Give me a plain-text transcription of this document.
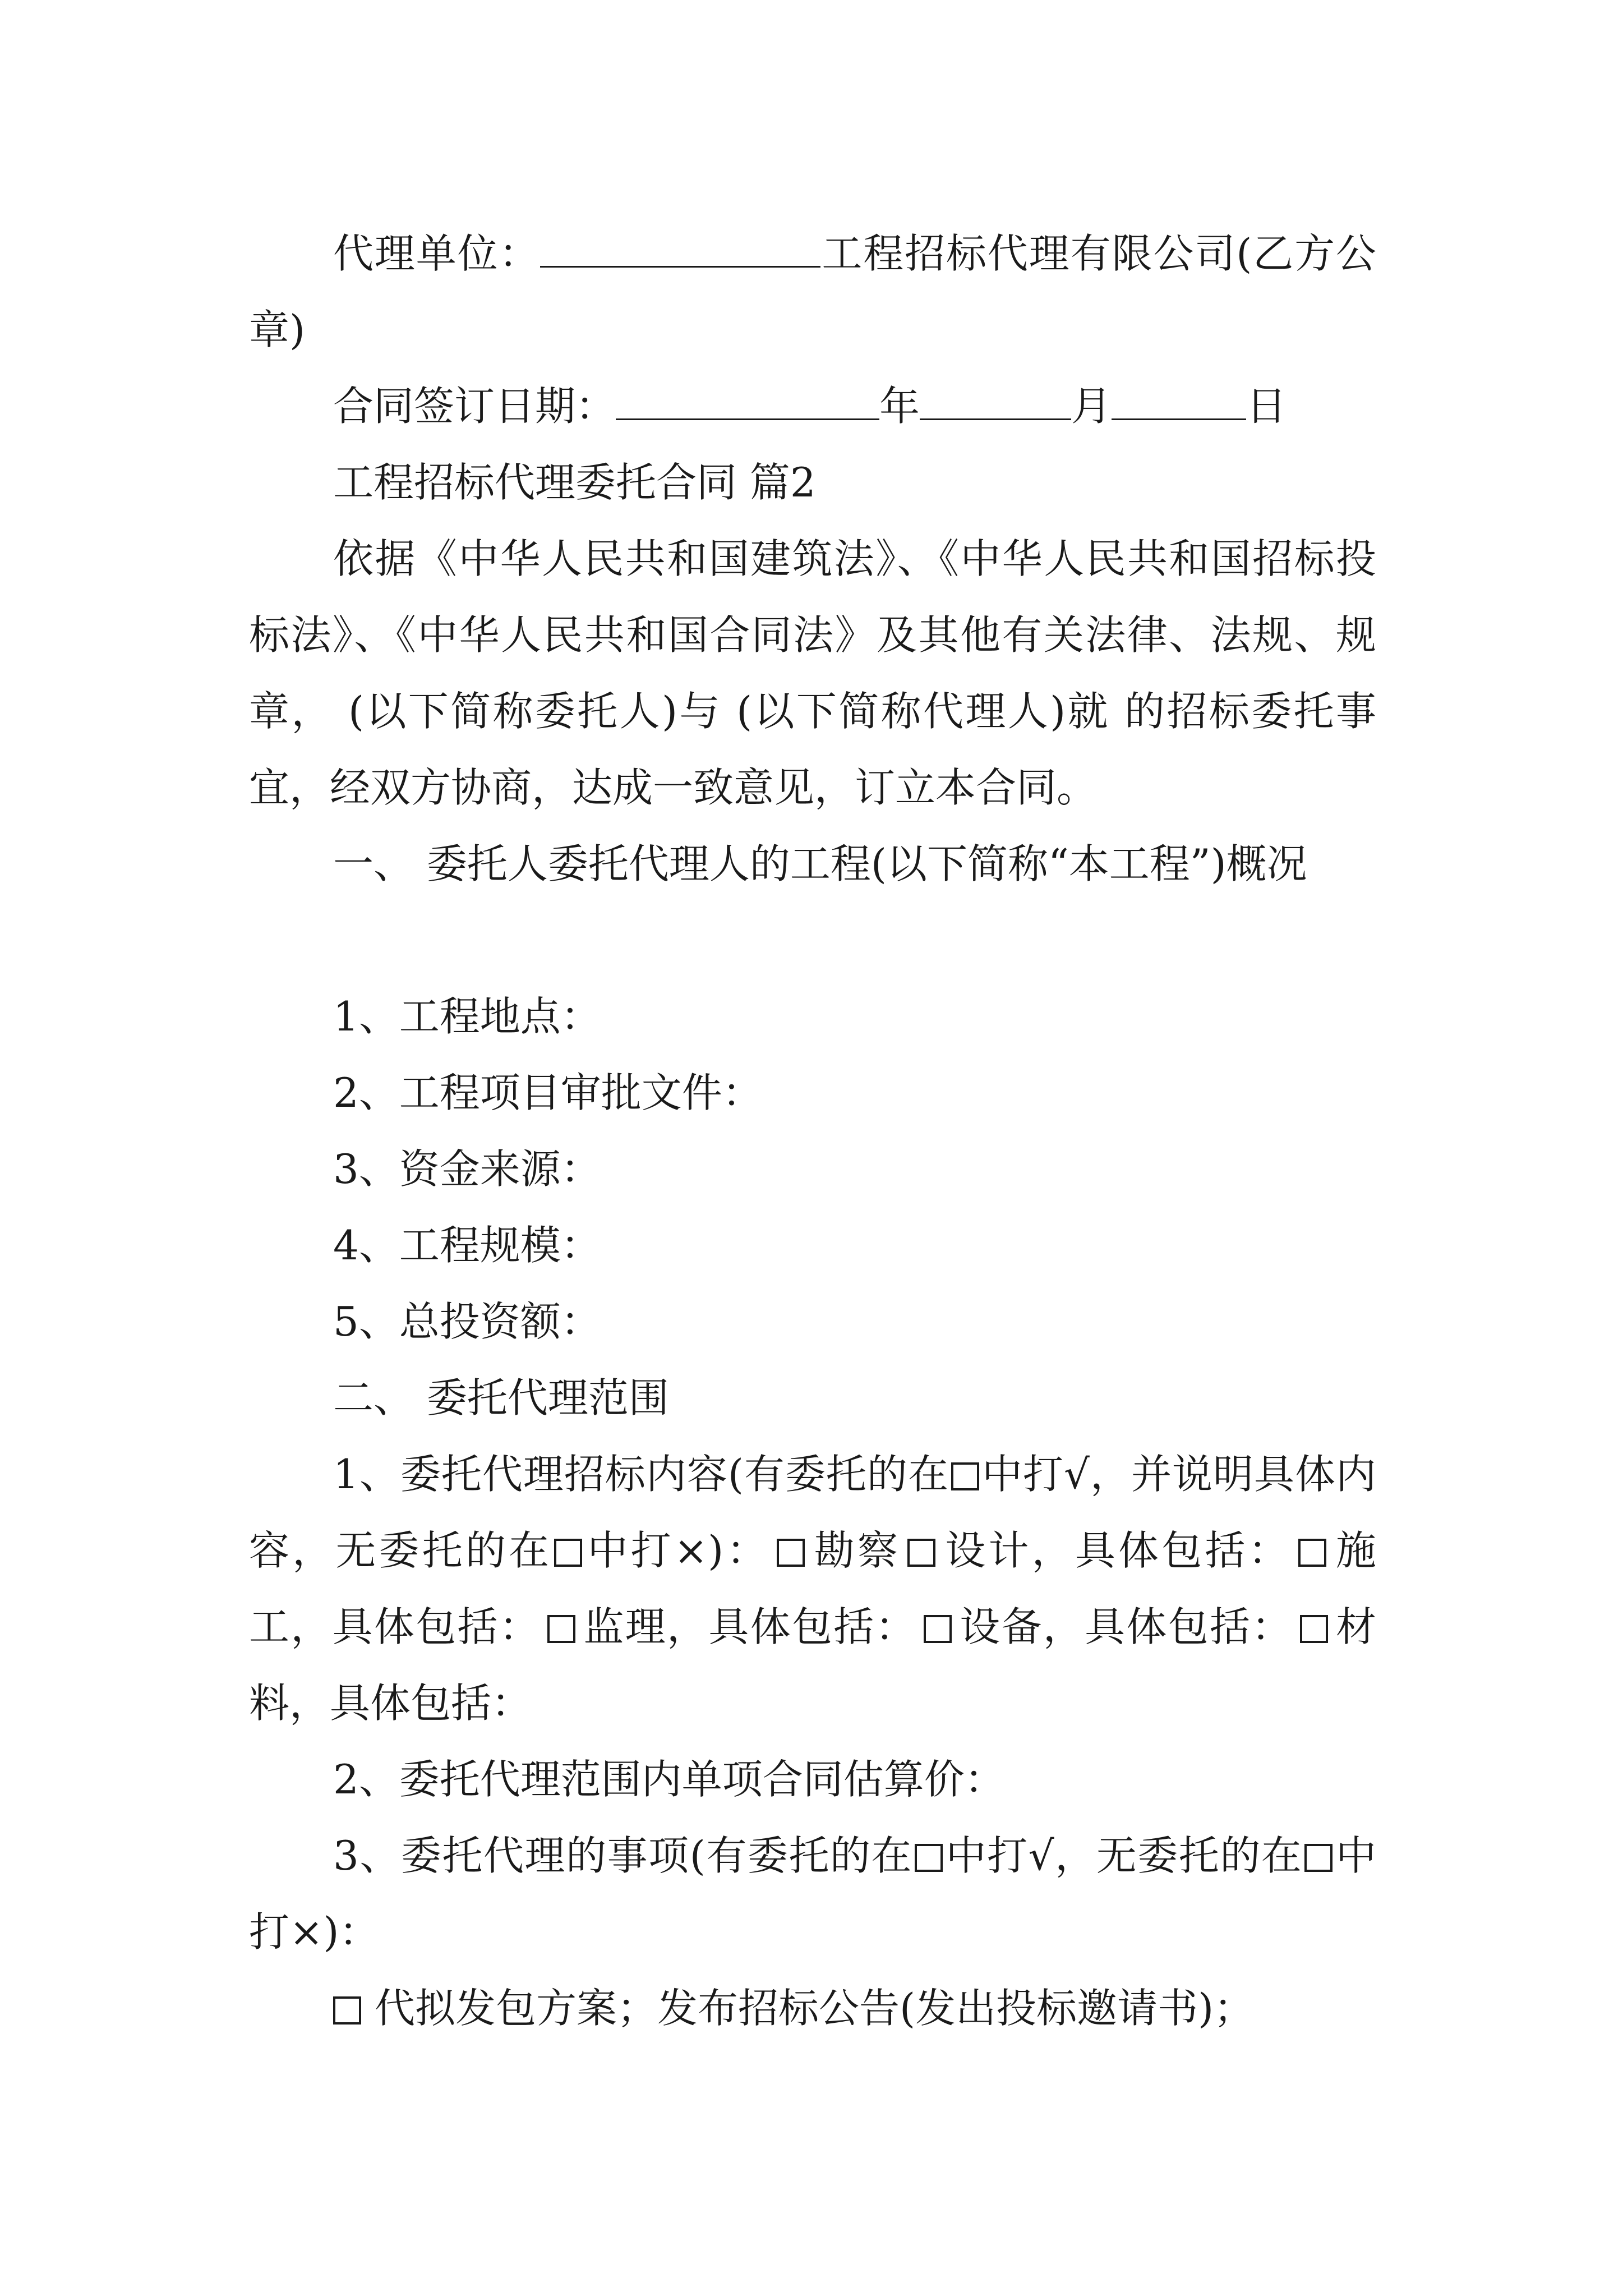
代理单位：	工程招标代理有限公司(乙方公章)
合同签订日期：	年	月	日
工程招标代理委托合同 篇2
依据《中华人民共和国建筑法》、《中华人民共和国招标投标法》、《中华人民共和国合同法》及其他有关法律、法规、规章， (以下简称委托人)与 (以下简称代理人)就 的招标委托事宜，经双方协商，达成一致意见，订立本合同。
一、 委托人委托代理人的工程(以下简称“本工程”)概况
1、工程地点：
2、工程项目审批文件：
3、资金来源：
4、工程规模：
5、总投资额：
二、 委托代理范围
1、委托代理招标内容(有委托的在 中打√，并说明具体内容，无委托的在 中打×)： 勘察 设计，具体包括： 施工，具体包括： 监理，具体包括： 设备，具体包括： 材料，具体包括：
2、委托代理范围内单项合同估算价：
3、委托代理的事项(有委托的在 中打√，无委托的在 中打×)：
代拟发包方案；发布招标公告(发出投标邀请书)；
